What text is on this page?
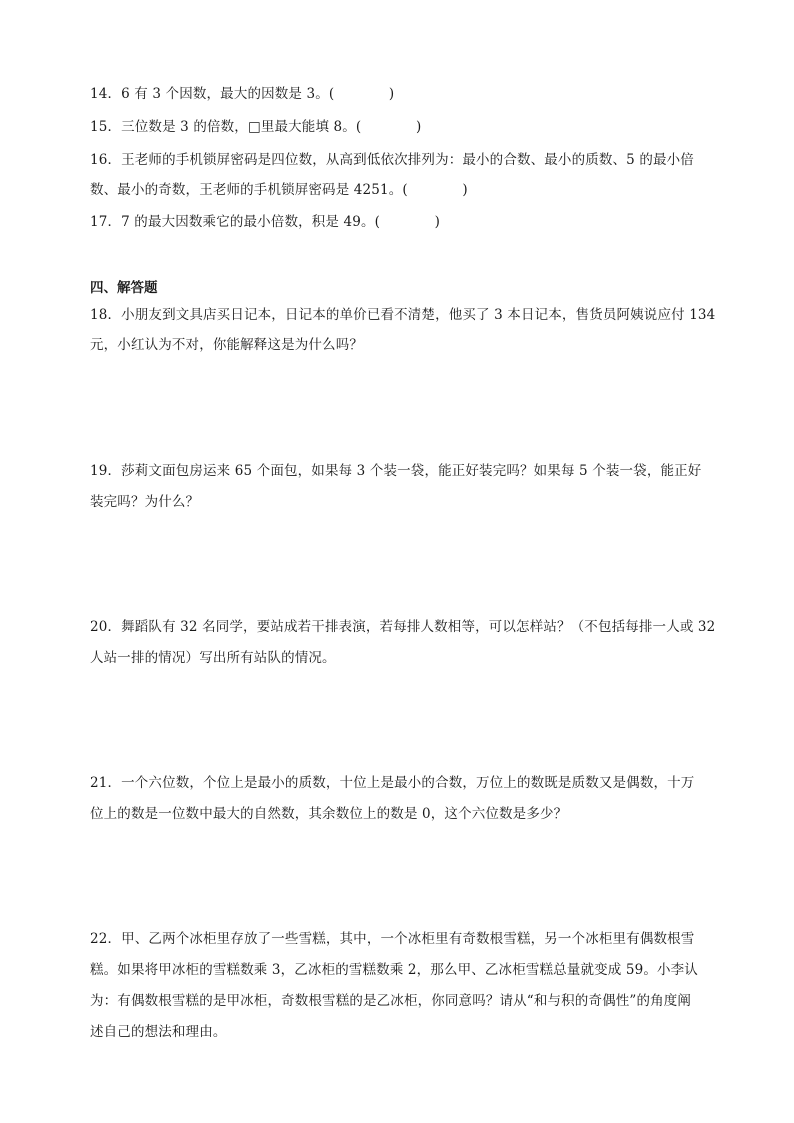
14．6 有 3 个因数，最大的因数是 3。(　　　　)
15．三位数是 3 的倍数，□里最大能填 8。(　　　　)
16．王老师的手机锁屏密码是四位数，从高到低依次排列为：最小的合数、最小的质数、5 的最小倍
数、最小的奇数，王老师的手机锁屏密码是 4251。(　　　　)
17．7 的最大因数乘它的最小倍数，积是 49。(　　　　)
四、解答题
18．小朋友到文具店买日记本，日记本的单价已看不清楚，他买了 3 本日记本，售货员阿姨说应付 134
元，小红认为不对，你能解释这是为什么吗？
19．莎莉文面包房运来 65 个面包，如果每 3 个装一袋，能正好装完吗？如果每 5 个装一袋，能正好
装完吗？为什么？
20．舞蹈队有 32 名同学，要站成若干排表演，若每排人数相等，可以怎样站？（不包括每排一人或 32
人站一排的情况）写出所有站队的情况。
21．一个六位数，个位上是最小的质数，十位上是最小的合数，万位上的数既是质数又是偶数，十万
位上的数是一位数中最大的自然数，其余数位上的数是 0，这个六位数是多少？
22．甲、乙两个冰柜里存放了一些雪糕，其中，一个冰柜里有奇数根雪糕，另一个冰柜里有偶数根雪
糕。如果将甲冰柜的雪糕数乘 3，乙冰柜的雪糕数乘 2，那么甲、乙冰柜雪糕总量就变成 59。小李认
为：有偶数根雪糕的是甲冰柜，奇数根雪糕的是乙冰柜，你同意吗？请从“和与积的奇偶性”的角度阐
述自己的想法和理由。
